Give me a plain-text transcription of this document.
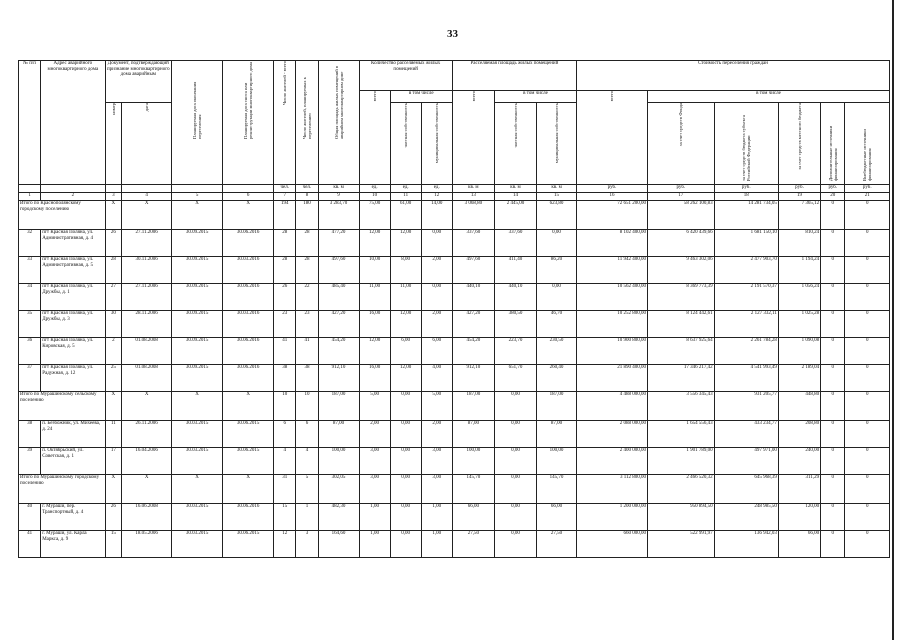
33
№ п/п	Адрес аварийного многоквартирного дома	Документ, подтверждающий признание многоквартирного дома аварийным		Планируемая дата окончания переселения	Планируемая дата сноса или реконструкции многоквартирного дома	Число жителей - всего	Число жителей, планируемых к переселению	Общая площадь жилых помещений в аварийном многоквартирном доме	Количество расселяемых жилых помещений			Расселяемая площадь жилых помещений			Стоимость переселения граждан					

									всего	в том числе		всего	в том числе		всего	в том числе				

		номер	дата							частная собственность	муниципальная собственность		частная собственность	муниципальная собственность		за счет средств Фонда	за счет средств бюджета субъекта Российской Федерации	за счет средств местного бюджета	Дополнительные источники финансирования	Внебюджетные источники финансирования

						чел.	чел.	кв. м	ед.	ед.	ед.	кв. м	кв. м	кв. м	руб.	руб.	руб.	руб.	руб.	руб.
1	2	3	4	5	6	7	8	9	10	11	12	13	14	15	16	17	18	19	20	21
Итого по Краснополянскому городскому поселению		X	X	X	X	194	180	3 283,70	75,00	61,00	14,00	3 068,80	2 445,00	623,80	72 651 200,00	58 262 100,83	14 281 734,05	7 365,12	0	0
32	пгт Красная Поляна, ул. Административная, д. 4	26	27.11.2006	30.09.2015	30.06.2016	28	28	477,20	12,00	12,00	0,00	337,60	337,60	0,00	8 102 400,00	6 420 439,66	1 681 150,10	810,24	0	0
33	пгт Красная Поляна, ул. Административная, д. 5	28	30.11.2006	30.09.2015	30.03.2016	28	28	497,60	10,00	8,00	2,00	497,60	411,40	86,20	11 942 400,00	9 463 302,06	2 477 903,70	1 194,24	0	0
34	пгт Красная Поляна, ул. Дружбы, д. 1	27	27.11.2006	30.09.2015	30.06.2016	26	22	485,40	11,00	11,00	0,00	440,10	440,10	0,00	10 562 400,00	8 369 773,39	2 191 570,37	1 056,24	0	0
35	пгт Красная Поляна, ул. Дружбы, д. 3	30	28.11.2006	30.09.2015	30.03.2016	23	23	427,20	16,00	12,00	2,00	427,20	380,50	46,70	10 252 800,00	8 124 442,61	2 127 332,11	1 025,28	0	0
36	пгт Красная Поляна, ул. Кировская, д. 5	2	01.08.2008	30.09.2015	30.06.2016	41	41	454,20	12,00	6,00	6,00	454,20	223,70	230,50	10 900 800,00	8 637 925,64	2 261 784,28	1 090,08	0	0
37	пгт Красная Поляна, ул. Радужная, д. 12	25	01.08.2008	30.09.2015	30.06.2016	38	38	912,10	16,00	12,00	4,00	912,10	651,70	260,40	21 890 400,00	17 346 217,42	4 541 993,49	2 189,04	0	0
Итого по Мурашинскому сельскому поселению		X	X	X	X	10	10	187,00	5,00	0,00	5,00	187,00	0,00	187,00	4 488 000,00	3 556 345,43	931 205,77	448,80	0	0
38	п. Безбожник, ул. Михеева, д. 24	11	26.11.2006	30.03.2015	30.06.2015	6	6	87,00	2,00	0,00	2,00	87,00	0,00	87,00	2 088 000,00	1 654 556,43	433 234,77	208,80	0	0
39	п. Октябрьский, ул. Советская, д. 1	17	16.04.2006	30.03.2015	30.06.2015	4	4	100,00	3,00	0,00	3,00	100,00	0,00	100,00	2 400 000,00	1 901 789,00	497 971,00	240,00	0	0
Итого по Мурашинскому городскому поселению		X	X	X	X	31	5	302,05	3,00	0,00	3,00	145,70	0,00	145,70	3 112 800,00	2 466 520,32	645 968,39	311,29	0	0
40	г. Мураши, пер. Транспортный, д. 4	26	16.06.2008	30.03.2015	30.06.2016	15	1	482,30	1,00	0,00	1,00	66,00	0,00	66,00	1 200 000,00	950 894,50	248 985,50	120,00	0	0
41	г. Мураши, ул. Карла Маркса, д. 9	15	18.05.2006	30.03.2015	30.06.2015	12	3	164,60	1,00	0,00	1,00	27,50	0,00	27,50	660 000,00	522 991,97	136 942,03	66,00	0	0
